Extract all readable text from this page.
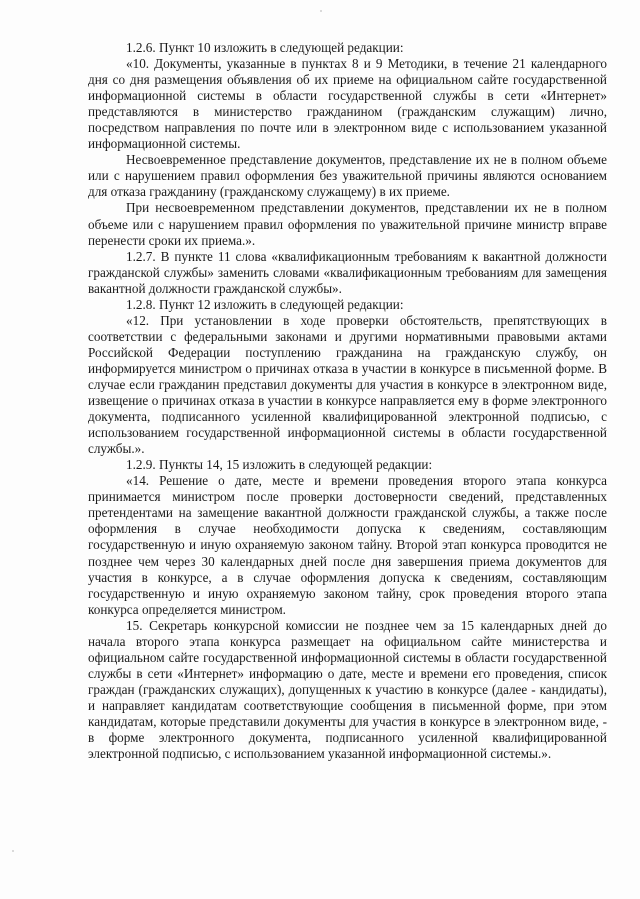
1.2.6. Пункт 10 изложить в следующей редакции:

«10. Документы, указанные в пунктах 8 и 9 Методики, в течение 21 календарного дня со дня размещения объявления об их приеме на официальном сайте государственной информационной системы в области государственной службы в сети «Интернет» представляются в министерство гражданином (гражданским служащим) лично, посредством направления по почте или в электронном виде с использованием указанной информационной системы.

Несвоевременное представление документов, представление их не в полном объеме или с нарушением правил оформления без уважительной причины являются основанием для отказа гражданину (гражданскому служащему) в их приеме.

При несвоевременном представлении документов, представлении их не в полном объеме или с нарушением правил оформления по уважительной причине министр вправе перенести сроки их приема.».

1.2.7. В пункте 11 слова «квалификационным требованиям к вакантной должности гражданской службы» заменить словами «квалификационным требованиям для замещения вакантной должности гражданской службы».

1.2.8. Пункт 12 изложить в следующей редакции:

«12. При установлении в ходе проверки обстоятельств, препятствующих в соответствии с федеральными законами и другими нормативными правовыми актами Российской Федерации поступлению гражданина на гражданскую службу, он информируется министром о причинах отказа в участии в конкурсе в письменной форме. В случае если гражданин представил документы для участия в конкурсе в электронном виде, извещение о причинах отказа в участии в конкурсе направляется ему в форме электронного документа, подписанного усиленной квалифицированной электронной подписью, с использованием государственной информационной системы в области государственной службы.».

1.2.9. Пункты 14, 15 изложить в следующей редакции:

«14. Решение о дате, месте и времени проведения второго этапа конкурса принимается министром после проверки достоверности сведений, представленных претендентами на замещение вакантной должности гражданской службы, а также после оформления в случае необходимости допуска к сведениям, составляющим государственную и иную охраняемую законом тайну. Второй этап конкурса проводится не позднее чем через 30 календарных дней после дня завершения приема документов для участия в конкурсе, а в случае оформления допуска к сведениям, составляющим государственную и иную охраняемую законом тайну, срок проведения второго этапа конкурса определяется министром.

15. Секретарь конкурсной комиссии не позднее чем за 15 календарных дней до начала второго этапа конкурса размещает на официальном сайте министерства и официальном сайте государственной информационной системы в области государственной службы в сети «Интернет» информацию о дате, месте и времени его проведения, список граждан (гражданских служащих), допущенных к участию в конкурсе (далее - кандидаты), и направляет кандидатам соответствующие сообщения в письменной форме, при этом кандидатам, которые представили документы для участия в конкурсе в электронном виде, - в форме электронного документа, подписанного усиленной квалифицированной электронной подписью, с использованием указанной информационной системы.».
